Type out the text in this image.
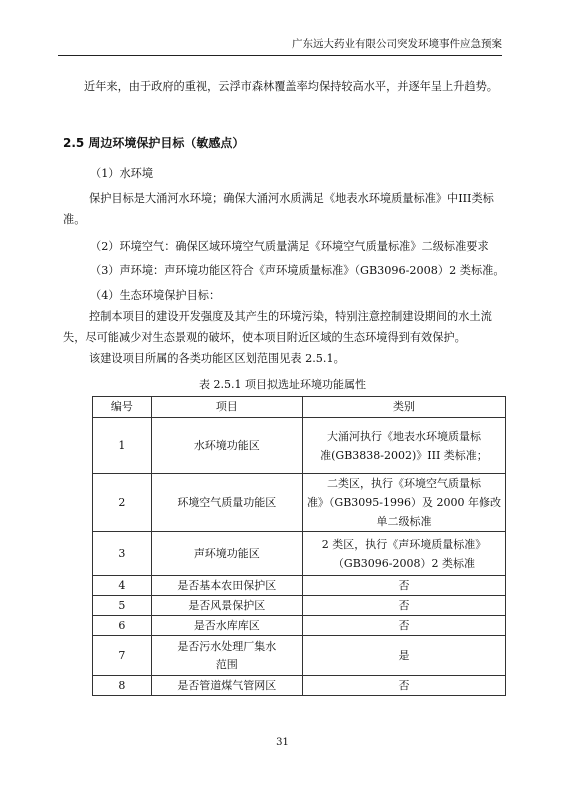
广东远大药业有限公司突发环境事件应急预案
近年来，由于政府的重视，云浮市森林覆盖率均保持较高水平，并逐年呈上升趋势。
2.5 周边环境保护目标（敏感点）
（1）水环境
保护目标是大涌河水环境；确保大涌河水质满足《地表水环境质量标准》中III类标
准。
（2）环境空气：确保区域环境空气质量满足《环境空气质量标准》二级标准要求
（3）声环境：声环境功能区符合《声环境质量标准》（GB3096-2008）2 类标准。
（4）生态环境保护目标：
控制本项目的建设开发强度及其产生的环境污染，特别注意控制建设期间的水土流
失，尽可能减少对生态景观的破坏，使本项目附近区域的生态环境得到有效保护。
该建设项目所属的各类功能区区划范围见表 2.5.1。
表 2.5.1 项目拟选址环境功能属性
编号	项目	类别
1	水环境功能区	大涌河执行《地表水环境质量标
准(GB3838-2002)》III 类标准；

2	环境空气质量功能区	二类区，执行《环境空气质量标
准》（GB3095-1996）及 2000 年修改
单二级标准

3	声环境功能区	2 类区，执行《声环境质量标准》
（GB3096-2008）2 类标准

4	是否基本农田保护区	否

5	是否风景保护区	否

6	是否水库库区	否

7	是否污水处理厂集水
范围	是

8	是否管道煤气管网区	否
31
